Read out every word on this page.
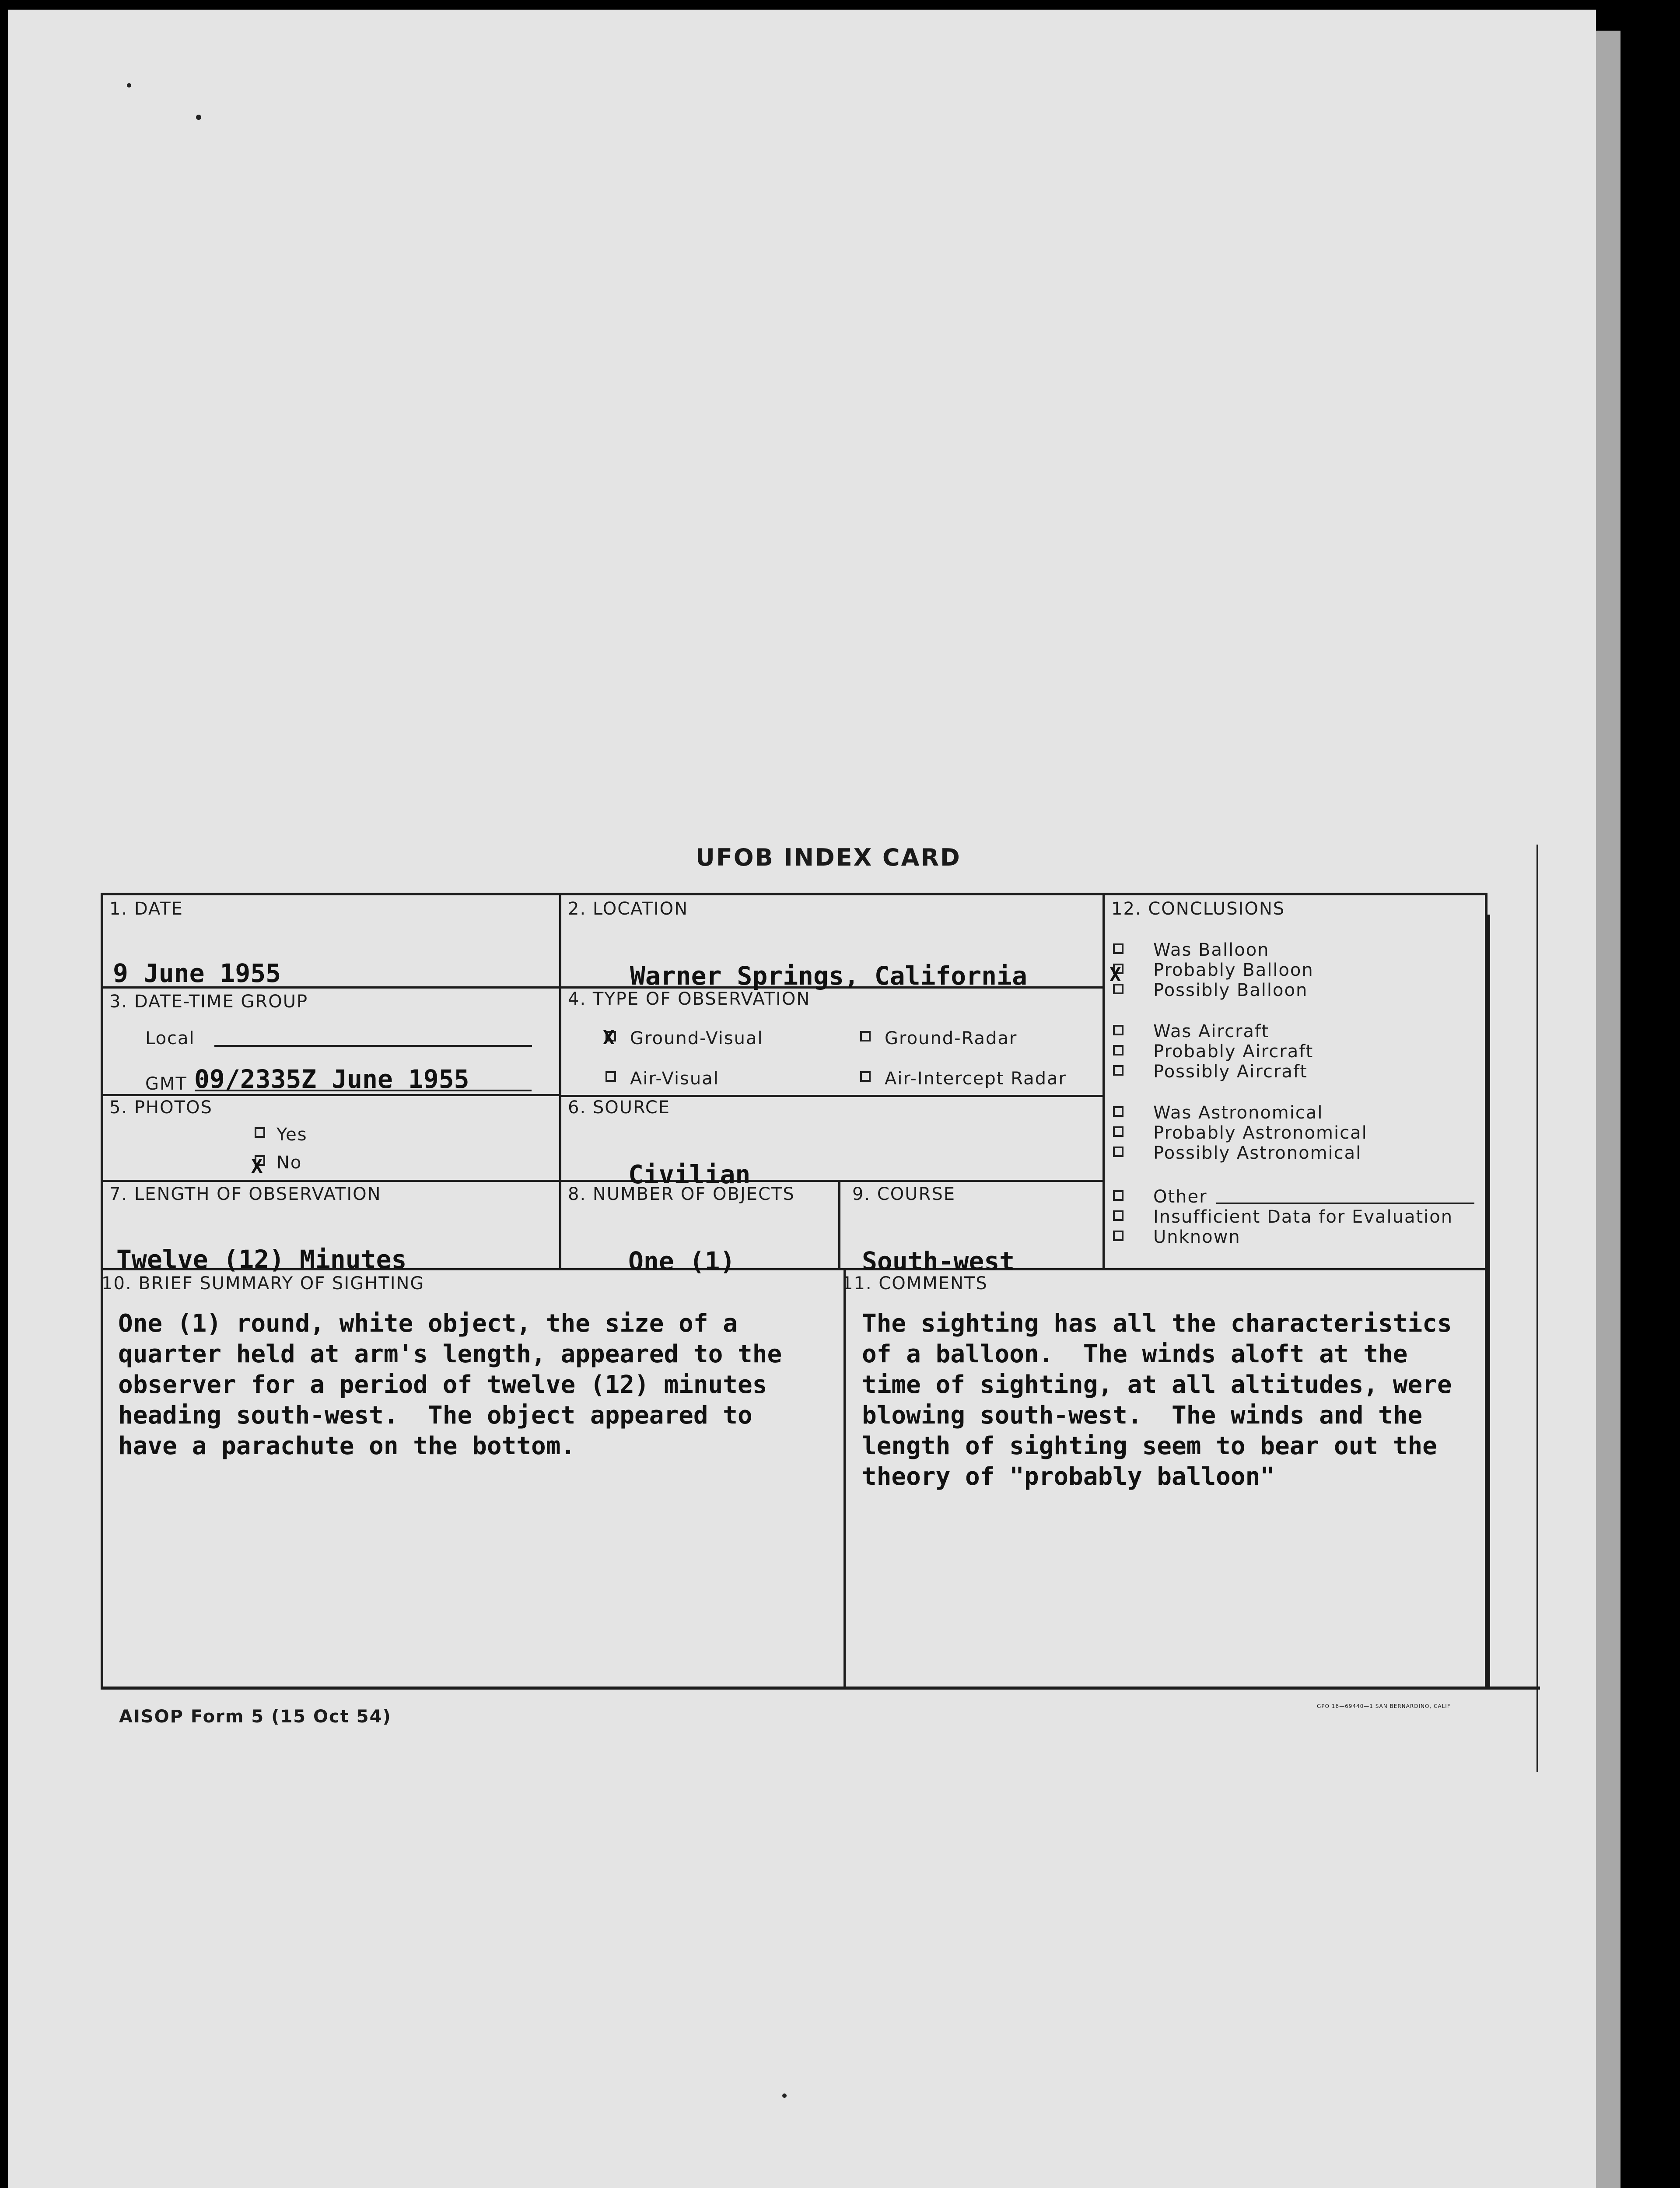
UFOB INDEX CARD
1. DATE
9 June 1955
2. LOCATION
Warner Springs, California
3. DATE-TIME GROUP
Local
GMT 09/2335Z June 1955
4. TYPE OF OBSERVATION
X Ground-Visual	Ground-Radar
Air-Visual	Air-Intercept Radar
5. PHOTOS
Yes
X No
6. SOURCE
Civilian
7. LENGTH OF OBSERVATION
Twelve (12) Minutes
8. NUMBER OF OBJECTS
One (1)
9. COURSE
South-west
12. CONCLUSIONS
Was Balloon
X Probably Balloon
Possibly Balloon
Was Aircraft
Probably Aircraft
Possibly Aircraft
Was Astronomical
Probably Astronomical
Possibly Astronomical
Other
Insufficient Data for Evaluation
Unknown
10. BRIEF SUMMARY OF SIGHTING
One (1) round, white object, the size of a
quarter held at arm's length, appeared to the
observer for a period of twelve (12) minutes
heading south-west.  The object appeared to
have a parachute on the bottom.
11. COMMENTS
The sighting has all the characteristics
of a balloon.  The winds aloft at the
time of sighting, at all altitudes, were
blowing south-west.  The winds and the
length of sighting seem to bear out the
theory of "probably balloon"
AISOP Form 5 (15 Oct 54)
GPO 16—69440—1 SAN BERNARDINO, CALIF
